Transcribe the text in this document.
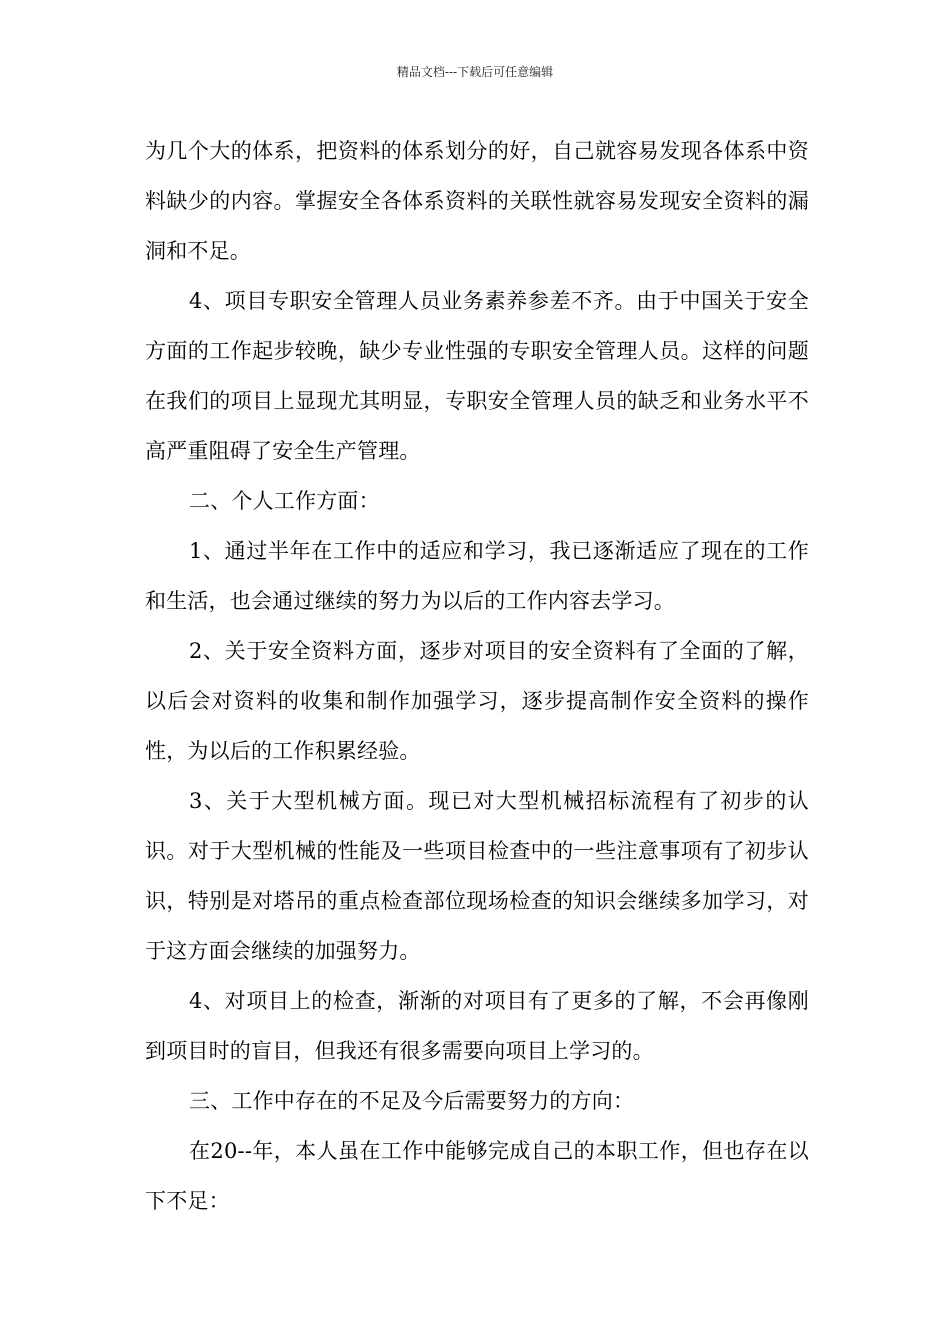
精品文档---下载后可任意编辑

为几个大的体系，把资料的体系划分的好，自己就容易发现各体系中资料缺少的内容。掌握安全各体系资料的关联性就容易发现安全资料的漏洞和不足。

4、项目专职安全管理人员业务素养参差不齐。由于中国关于安全方面的工作起步较晚，缺少专业性强的专职安全管理人员。这样的问题在我们的项目上显现尤其明显，专职安全管理人员的缺乏和业务水平不高严重阻碍了安全生产管理。

二、个人工作方面：

1、通过半年在工作中的适应和学习，我已逐渐适应了现在的工作和生活，也会通过继续的努力为以后的工作内容去学习。

2、关于安全资料方面，逐步对项目的安全资料有了全面的了解，以后会对资料的收集和制作加强学习，逐步提高制作安全资料的操作性，为以后的工作积累经验。

3、关于大型机械方面。现已对大型机械招标流程有了初步的认识。对于大型机械的性能及一些项目检查中的一些注意事项有了初步认识，特别是对塔吊的重点检查部位现场检查的知识会继续多加学习，对于这方面会继续的加强努力。

4、对项目上的检查，渐渐的对项目有了更多的了解，不会再像刚到项目时的盲目，但我还有很多需要向项目上学习的。

三、工作中存在的不足及今后需要努力的方向：

在20--年，本人虽在工作中能够完成自己的本职工作，但也存在以下不足：
